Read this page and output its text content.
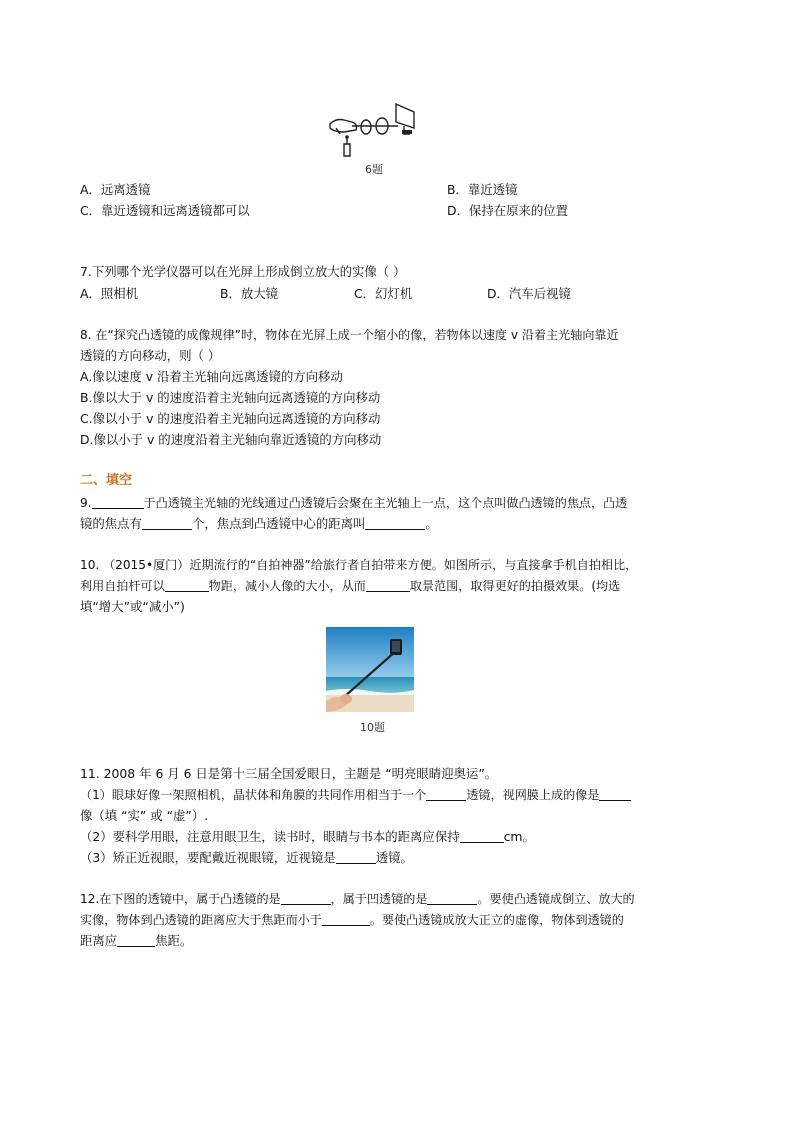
6题
A．远离透镜	B．靠近透镜
C．靠近透镜和远离透镜都可以	D．保持在原来的位置
7.下列哪个光学仪器可以在光屏上形成倒立放大的实像（ ）
A．照相机	B．放大镜	C．幻灯机	D．汽车后视镜
8. 在“探究凸透镜的成像规律”时，物体在光屏上成一个缩小的像，若物体以速度 v 沿着主光轴向靠近
透镜的方向移动，则（ ）
A.像以速度 v 沿着主光轴向远离透镜的方向移动
B.像以大于 v 的速度沿着主光轴向远离透镜的方向移动
C.像以小于 v 的速度沿着主光轴向远离透镜的方向移动
D.像以小于 v 的速度沿着主光轴向靠近透镜的方向移动
二、填空
9.	于凸透镜主光轴的光线通过凸透镜后会聚在主光轴上一点，这个点叫做凸透镜的焦点，凸透
镜的焦点有	个，焦点到凸透镜中心的距离叫	。
10. （2015•厦门）近期流行的“自拍神器”给旅行者自拍带来方便。如图所示，与直接拿手机自拍相比，
利用自拍杆可以	物距，减小人像的大小，从而	取景范围，取得更好的拍摄效果。(均选
填“增大”或“减小”)
10题
11. 2008 年 6 月 6 日是第十三届全国爱眼日，主题是 “明亮眼睛迎奥运”。
（1）眼球好像一架照相机，晶状体和角膜的共同作用相当于一个	透镜，视网膜上成的像是
像（填 “实” 或 “虚”）.
（2）要科学用眼，注意用眼卫生，读书时，眼睛与书本的距离应保持	cm。
（3）矫正近视眼，要配戴近视眼镜，近视镜是	透镜。
12.在下图的透镜中，属于凸透镜的是	，属于凹透镜的是	。要使凸透镜成倒立、放大的
实像，物体到凸透镜的距离应大于焦距而小于	。要使凸透镜成放大正立的虚像，物体到透镜的
距离应	焦距。
